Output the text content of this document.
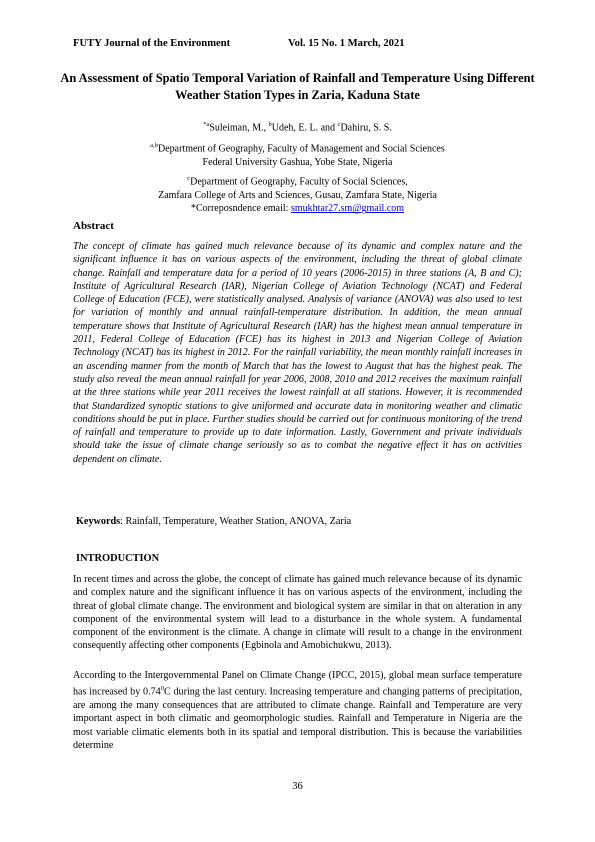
FUTY Journal of the Environment	Vol. 15 No. 1 March, 2021
An Assessment of Spatio Temporal Variation of Rainfall and Temperature Using Different Weather Station Types in Zaria, Kaduna State
$^{*a}$Suleiman, M., $^b$Udeh, E. L. and $^c$Dahiru, S. S.
$^{a,b}$Department of Geography, Faculty of Management and Social Sciences
Federal University Gashua, Yobe State, Nigeria
$^c$Department of Geography, Faculty of Social Sciences,
Zamfara College of Arts and Sciences, Gusau, Zamfara State, Nigeria
*Correposndence email: smukhtar27.sm@gmail.com
Abstract

The concept of climate has gained much relevance because of its dynamic and complex nature and the significant influence it has on various aspects of the environment, including the threat of global climate change. Rainfall and temperature data for a period of 10 years (2006-2015) in three stations (A, B and C); Institute of Agricultural Research (IAR), Nigerian College of Aviation Technology (NCAT) and Federal College of Education (FCE), were statistically analysed. Analysis of variance (ANOVA) was also used to test for variation of monthly and annual rainfall-temperature distribution. In addition, the mean annual temperature shows that Institute of Agricultural Research (IAR) has the highest mean annual temperature in 2011, Federal College of Education (FCE) has its highest in 2013 and Nigerian College of Aviation Technology (NCAT) has its highest in 2012. For the rainfall variability, the mean monthly rainfall increases in an ascending manner from the month of March that has the lowest to August that has the highest peak. The study also reveal the mean annual rainfall for year 2006, 2008, 2010 and 2012 receives the maximum rainfall at the three stations while year 2011 receives the lowest rainfall at all stations. However, it is recommended that Standardized synoptic stations to give uniformed and accurate data in monitoring weather and climatic conditions should be put in place. Further studies should be carried out for continuous monitoring of the trend of rainfall and temperature to provide up to date information. Lastly, Government and private individuals should take the issue of climate change seriously so as to combat the negative effect it has on activities dependent on climate.

Keywords: Rainfall, Temperature, Weather Station, ANOVA, Zaria
INTRODUCTION

In recent times and across the globe, the concept of climate has gained much relevance because of its dynamic and complex nature and the significant influence it has on various aspects of the environment, including the threat of global climate change. The environment and biological system are similar in that on alteration in any component of the environmental system will lead to a disturbance in the whole system. A fundamental component of the environment is the climate. A change in climate will result to a change in the environment consequently affecting other components (Egbinola and Amobichukwu, 2013).

According to the Intergovernmental Panel on Climate Change (IPCC, 2015), global mean surface temperature has increased by 0.74$^0$C during the last century. Increasing temperature and changing patterns of precipitation, are among the many consequences that are attributed to climate change. Rainfall and Temperature are very important aspect in both climatic and geomorphologic studies. Rainfall and Temperature in Nigeria are the most variable climatic elements both in its spatial and temporal distribution. This is because the variabilities determine

36
